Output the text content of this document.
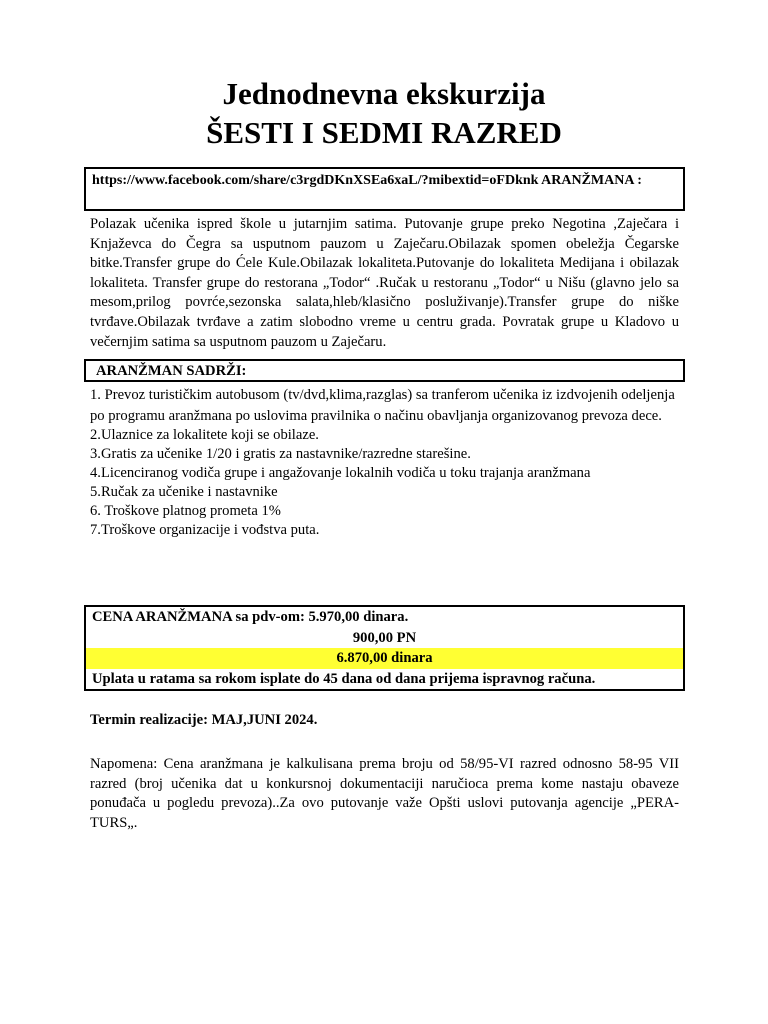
Jednodnevna ekskurzija
ŠESTI I SEDMI RAZRED
https://www.facebook.com/share/c3rgdDKnXSEa6xaL/?mibextid=oFDknk ARANŽMANA :
Polazak učenika ispred škole u jutarnjim satima. Putovanje grupe preko Negotina ,Zaječara i Knjaževca do Čegra sa usputnom pauzom u Zaječaru.Obilazak spomen obeležja Čegarske bitke.Transfer grupe do Ćele Kule.Obilazak lokaliteta.Putovanje do lokaliteta Medijana i obilazak lokaliteta. Transfer grupe do restorana „Todor“ .Ručak u restoranu „Todor“ u Nišu (glavno jelo sa mesom,prilog povrće,sezonska salata,hleb/klasično posluživanje).Transfer grupe do niške tvrđave.Obilazak tvrđave a zatim slobodno vreme u centru grada. Povratak grupe u Kladovo u večernjim satima sa usputnom pauzom u Zaječaru.
ARANŽMAN SADRŽI:

1. Prevoz turističkim autobusom (tv/dvd,klima,razglas) sa tranferom učenika iz izdvojenih odeljenja

po programu aranžmana po uslovima pravilnika o načinu obavljanja organizovanog prevoza dece.

2.Ulaznice za lokalitete koji se obilaze.

3.Gratis za učenike 1/20 i gratis za nastavnike/razredne starešine.

4.Licenciranog vodiča grupe i angažovanje lokalnih vodiča u toku trajanja aranžmana

5.Ručak za učenike i nastavnike

6. Troškove platnog prometa 1%

7.Troškove organizacije i vođstva puta.

CENA ARANŽMANA sa pdv-om: 5.970,00 dinara.
900,00 PN
6.870,00 dinara
Uplata u ratama sa rokom isplate do 45 dana od dana prijema ispravnog računa.
Termin realizacije: MAJ,JUNI 2024.
Napomena: Cena aranžmana je kalkulisana prema broju od 58/95-VI razred odnosno 58-95 VII razred (broj učenika dat u konkursnoj dokumentaciji naručioca prema kome nastaju obaveze ponuđača u pogledu prevoza)..Za ovo putovanje važe Opšti uslovi putovanja agencije „PERA-TURS„.
